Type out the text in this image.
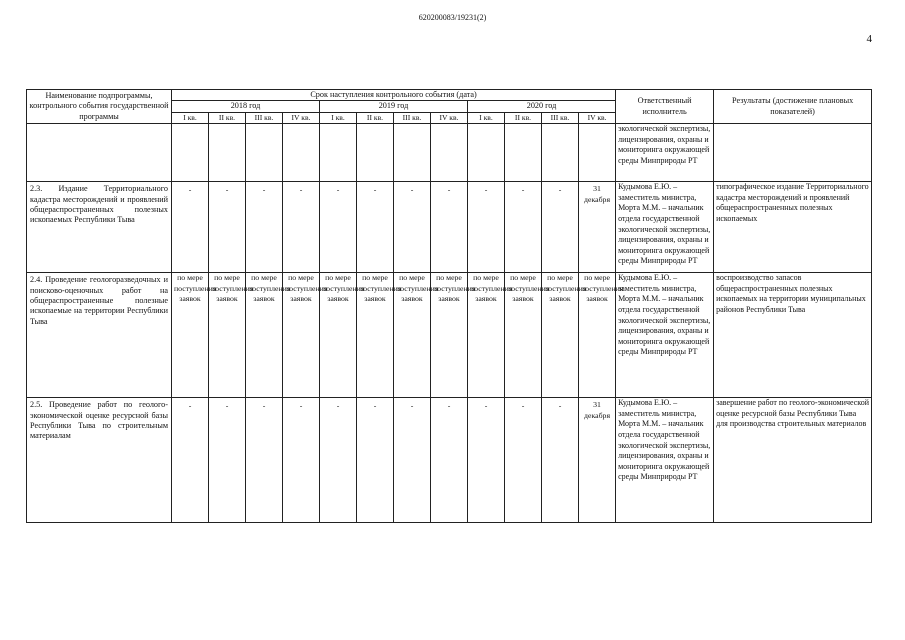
620200083/19231(2)
4
Наименование подпрограммы, контрольного события государственной программы	Срок наступления контрольного события (дата)												Ответственный исполнитель	Результаты (достижение плановых показателей)
	2018 год				2019 год				2020 год					
	I кв.	II кв.	III кв.	IV кв.	I кв.	II кв.	III кв.	IV кв.	I кв.	II кв.	III кв.	IV кв.		
													экологической экспертизы, лицензирования, охраны и мониторинга окружающей среды Минприроды РТ	
2.3. Издание Территориального кадастра месторождений и проявлений общераспространенных полезных ископаемых Республики Тыва	-	-	-	-	-	-	-	-	-	-	-	31 декабря	Кудымова Е.Ю. – заместитель министра, Морта М.М. – начальник отдела государственной экологической экспертизы, лицензирования, охраны и мониторинга окружающей среды Минприроды РТ	типографическое издание Территориального кадастра месторождений и проявлений общераспространенных полезных ископаемых
2.4. Проведение геологоразведочных и поисково-оценочных работ на общераспространенные полезные ископаемые на территории Республики Тыва	по мере поступления заявок	по мере поступления заявок	по мере поступления заявок	по мере поступления заявок	по мере поступления заявок	по мере поступления заявок	по мере поступления заявок	по мере поступления заявок	по мере поступления заявок	по мере поступления заявок	по мере поступления заявок	по мере поступления заявок	Кудымова Е.Ю. – заместитель министра, Морта М.М. – начальник отдела государственной экологической экспертизы, лицензирования, охраны и мониторинга окружающей среды Минприроды РТ	воспроизводство запасов общераспространенных полезных ископаемых на территории муниципальных районов Республики Тыва
2.5. Проведение работ по геолого-экономической оценке ресурсной базы Республики Тыва по строительным материалам	-	-	-	-	-	-	-	-	-	-	-	31 декабря	Кудымова Е.Ю. – заместитель министра, Морта М.М. – начальник отдела государственной экологической экспертизы, лицензирования, охраны и мониторинга окружающей среды Минприроды РТ	завершение работ по геолого-экономической оценке ресурсной базы Республики Тыва для производства строительных материалов
